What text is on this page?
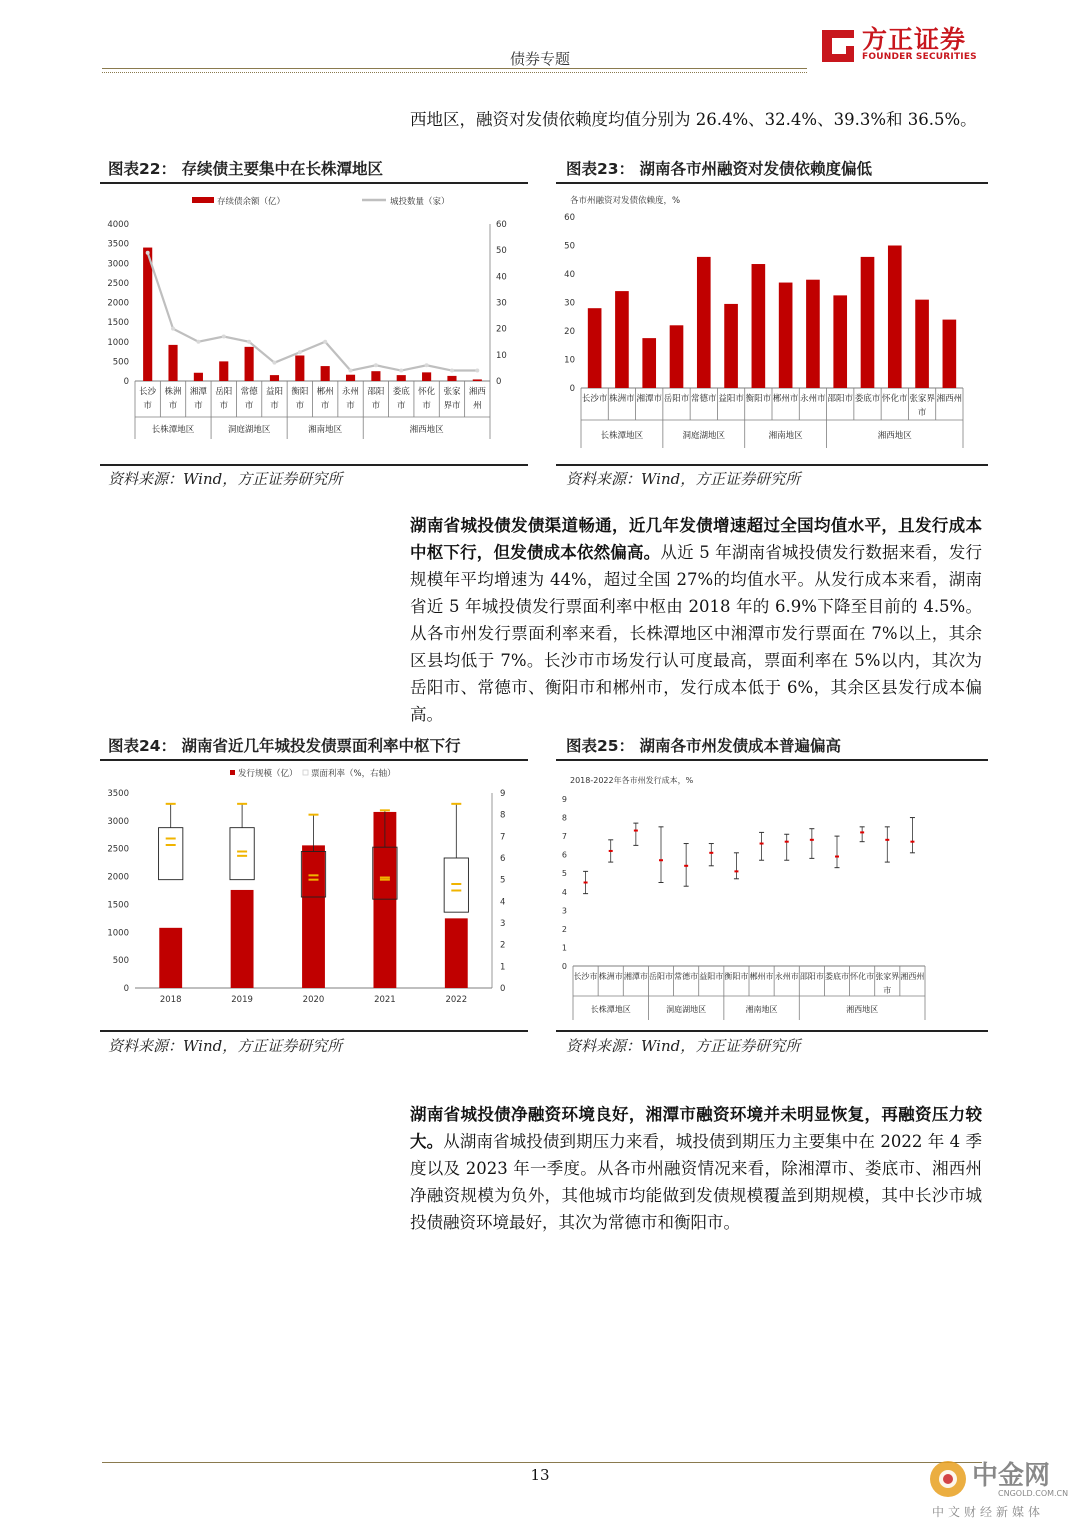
债券专题
方正证券
FOUNDER SECURITIES
西地区，融资对发债依赖度均值分别为 26.4%、32.4%、39.3%和 36.5%。
图表22： 存续债主要集中在长株潭地区
存续债余额（亿）	城投数量（家）
0
500
1000
1500
2000
2500
3000
3500
4000
0
10
20
30
40
50
60
长沙
市
株洲
市
湘潭
市
岳阳
市
常德
市
益阳
市
衡阳
市
郴州
市
永州
市
邵阳
市
娄底
市
怀化
市
张家
界市
湘西
州
长株潭地区	洞庭湖地区	湘南地区	湘西地区
资料来源：Wind，方正证券研究所
图表23： 湖南各市州融资对发债依赖度偏低
各市州融资对发债依赖度，%
0
10
20
30
40
50
60
长沙市 株洲市 湘潭市 岳阳市 常德市 益阳市 衡阳市 郴州市 永州市 邵阳市 娄底市 怀化市 张家界
市
湘西州
长株潭地区	洞庭湖地区	湘南地区	湘西地区
资料来源：Wind，方正证券研究所
湖南省城投债发债渠道畅通，近几年发债增速超过全国均值水平，且发行成本中枢下行，但发债成本依然偏高。从近 5 年湖南省城投债发行数据来看，发行规模年平均增速为 44%，超过全国 27%的均值水平。从发行成本来看，湖南省近 5 年城投债发行票面利率中枢由 2018 年的 6.9%下降至目前的 4.5%。从各市州发行票面利率来看，长株潭地区中湘潭市发行票面在 7%以上，其余区县均低于 7%。长沙市市场发行认可度最高，票面利率在 5%以内，其次为岳阳市、常德市、衡阳市和郴州市，发行成本低于 6%，其余区县发行成本偏高。
图表24： 湖南省近几年城投发债票面利率中枢下行
发行规模（亿） 票面利率（%，右轴）
0
500
1000
1500
2000
2500
3000
3500
0
1
2
3
4
5
6
7
8
9
2018	2019	2020	2021	2022
资料来源：Wind，方正证券研究所
图表25： 湖南各市州发债成本普遍偏高
2018-2022年各市州发行成本，%
0
1
2
3
4
5
6
7
8
9
长沙市 株洲市 湘潭市 岳阳市 常德市 益阳市 衡阳市 郴州市 永州市 邵阳市 娄底市 怀化市 张家界
市
湘西州
长株潭地区	洞庭湖地区	湘南地区	湘西地区
资料来源：Wind，方正证券研究所
湖南省城投债净融资环境良好，湘潭市融资环境并未明显恢复，再融资压力较大。从湖南省城投债到期压力来看，城投债到期压力主要集中在 2022 年 4 季度以及 2023 年一季度。从各市州融资情况来看，除湘潭市、娄底市、湘西州净融资规模为负外，其他城市均能做到发债规模覆盖到期规模，其中长沙市城投债融资环境最好，其次为常德市和衡阳市。
13	中金网
CNGOLD.COM.CN
中文财经新媒体
